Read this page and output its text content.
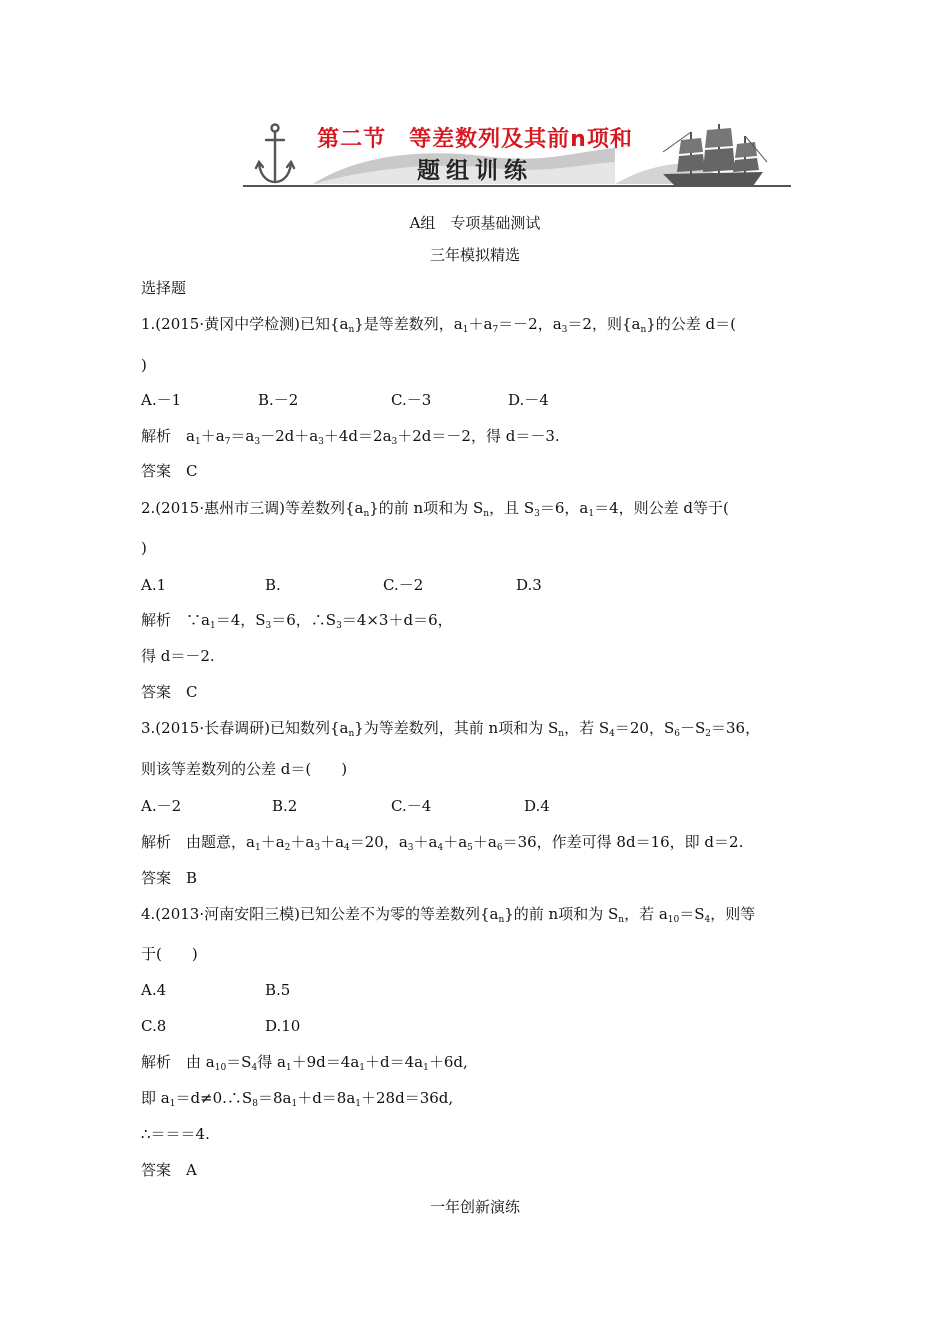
第二节　等差数列及其前n项和
题组训练
A组　专项基础测试
三年模拟精选
选择题
1.(2015·黄冈中学检测)已知$\{a_n\}$是等差数列，$a_1+a_7=-2$，$a_3=2$，则$\{a_n\}$的公差 d＝(
)
A.－1	B.－2	C.－3	D.－4
解析　$a_1+a_7=a_3-2d+a_3+4d=2a_3+2d=-2$，得 d＝－3.
答案　C
2.(2015·惠州市三调)等差数列$\{a_n\}$的前 n项和为 $S_n$，且 $S_3=6$，$a_1=4$，则公差 d等于(
)
A.1	B.	C.－2	D.3
解析　$\because a_1=4$，$S_3=6$，$\therefore S_3=4\times 3+d=6$，
得 d＝－2.
答案　C
3.(2015·长春调研)已知数列$\{a_n\}$为等差数列，其前 n项和为 $S_n$，若 $S_4=20$，$S_6-S_2=36$，
则该等差数列的公差 d＝(　　)
A.－2	B.2	C.－4	D.4
解析　由题意，$a_1+a_2+a_3+a_4=20$，$a_3+a_4+a_5+a_6=36$，作差可得 8d＝16，即 d＝2.
答案　B
4.(2013·河南安阳三模)已知公差不为零的等差数列$\{a_n\}$的前 n项和为 $S_n$，若 $a_{10}=S_4$，则等
于(　　)
A.4	B.5
C.8	D.10
解析　由 $a_{10}=S_4$得 $a_1+9d=4a_1+d=4a_1+6d$,
即 $a_1=d\ne 0.\therefore S_8=8a_1+d=8a_1+28d=36d$,
∴＝＝＝4.
答案　A
一年创新演练
